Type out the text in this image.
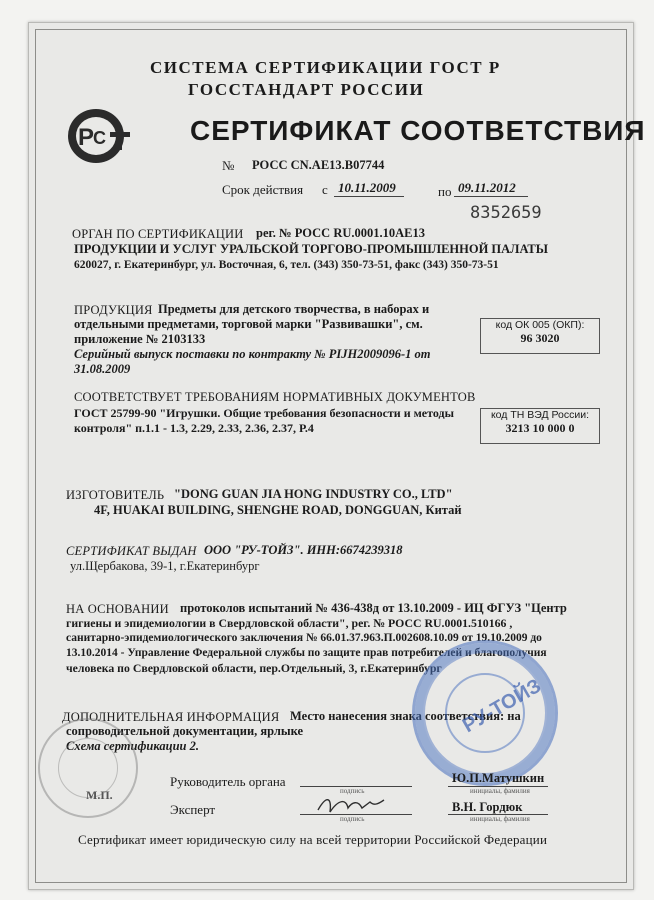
СИСТЕМА СЕРТИФИКАЦИИ ГОСТ Р
ГОССТАНДАРТ РОССИИ
P
C	СЕРТИФИКАТ СООТВЕТСТВИЯ
№ РОСС CN.AE13.B07744
Срок действия с 10.11.2009	по 09.11.2012
8352659
ОРГАН ПО СЕРТИФИКАЦИИ рег. № РОСС RU.0001.10AE13
ПРОДУКЦИИ И УСЛУГ УРАЛЬСКОЙ ТОРГОВО-ПРОМЫШЛЕННОЙ ПАЛАТЫ
620027, г. Екатеринбург, ул. Восточная, 6, тел. (343) 350-73-51, факс (343) 350-73-51
ПРОДУКЦИЯ Предметы для детского творчества, в наборах и
отдельными предметами, торговой марки "Развивашки", см.
приложение № 2103133
Серийный выпуск поставки по контракту № PIJH2009096-1 от
31.08.2009
код ОК 005 (ОКП):
96 3020
СООТВЕТСТВУЕТ ТРЕБОВАНИЯМ НОРМАТИВНЫХ ДОКУМЕНТОВ
ГОСТ 25799-90 "Игрушки. Общие требования безопасности и методы
контроля" п.1.1 - 1.3, 2.29, 2.33, 2.36, 2.37, Р.4
код ТН ВЭД России:
3213 10 000 0
ИЗГОТОВИТЕЛЬ "DONG GUAN JIA HONG INDUSTRY CO., LTD"
4F, HUAKAI BUILDING, SHENGHE ROAD, DONGGUAN, Китай
СЕРТИФИКАТ ВЫДАН ООО "РУ-ТОЙЗ". ИНН:6674239318
ул.Щербакова, 39-1, г.Екатеринбург
НА ОСНОВАНИИ протоколов испытаний № 436-438д от 13.10.2009 - ИЦ ФГУЗ "Центр
гигиены и эпидемиологии в Свердловской области", рег. № РОСС RU.0001.510166 ,
санитарно-эпидемиологического заключения № 66.01.37.963.П.002608.10.09 от 19.10.2009 до
13.10.2014 - Управление Федеральной службы по защите прав потребителей и благополучия
человека по Свердловской области, пер.Отдельный, 3, г.Екатеринбург
ДОПОЛНИТЕЛЬНАЯ ИНФОРМАЦИЯ Место нанесения знака соответствия: на
сопроводительной документации, ярлыке
Схема сертификации 2.
РУ-ТОЙЗ
Руководитель органа
подпись
Ю.П.Матушкин
инициалы, фамилия
М.П.
Эксперт
подпись
В.Н. Гордюк
инициалы, фамилия
Сертификат имеет юридическую силу на всей территории Российской Федерации
